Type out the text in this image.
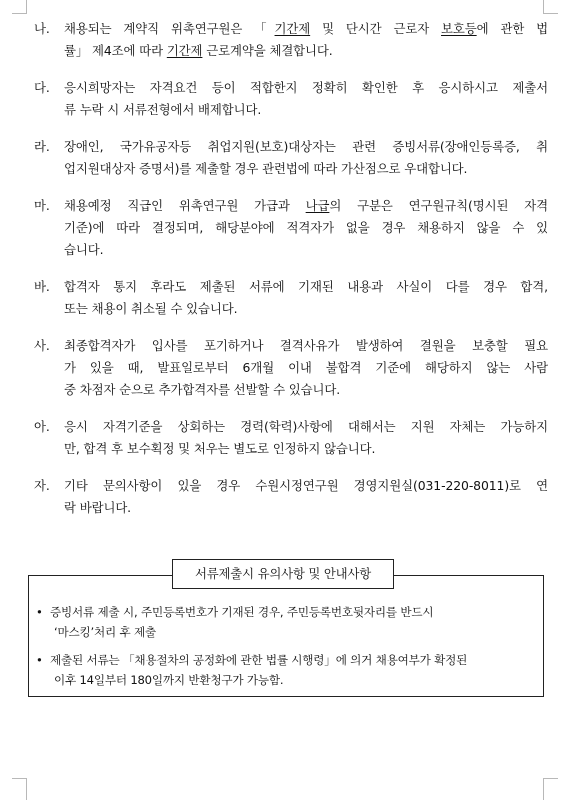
나.	채용되는 계약직 위촉연구원은 「기간제 및 단시간 근로자 보호등에 관한 법
률」 제4조에 따라 기간제 근로계약을 체결합니다.
다.	응시희망자는 자격요건 등이 적합한지 정확히 확인한 후 응시하시고 제출서
류 누락 시 서류전형에서 배제합니다.
라.	장애인, 국가유공자등 취업지원(보호)대상자는 관련 증빙서류(장애인등록증, 취
업지원대상자 증명서)를 제출할 경우 관련법에 따라 가산점으로 우대합니다.
마.	채용예정 직급인 위촉연구원 가급과 나급의 구분은 연구원규칙(명시된 자격
기준)에 따라 결정되며, 해당분야에 적격자가 없을 경우 채용하지 않을 수 있
습니다.
바.	합격자 통지 후라도 제출된 서류에 기재된 내용과 사실이 다를 경우 합격,
또는 채용이 취소될 수 있습니다.
사.	최종합격자가 입사를 포기하거나 결격사유가 발생하여 결원을 보충할 필요
가 있을 때, 발표일로부터 6개월 이내 불합격 기준에 해당하지 않는 사람
중 차점자 순으로 추가합격자를 선발할 수 있습니다.
아.	응시 자격기준을 상회하는 경력(학력)사항에 대해서는 지원 자체는 가능하지
만, 합격 후 보수획정 및 처우는 별도로 인정하지 않습니다.
자.	기타 문의사항이 있을 경우 수원시정연구원 경영지원실(031-220-8011)로 연
락 바랍니다.
서류제출시 유의사항 및 안내사항
• 증빙서류 제출 시, 주민등록번호가 기재된 경우, 주민등록번호뒷자리를 반드시
‘마스킹’처리 후 제출
• 제출된 서류는 「채용절차의 공정화에 관한 법률 시행령」에 의거 채용여부가 확정된
이후 14일부터 180일까지 반환청구가 가능함.
